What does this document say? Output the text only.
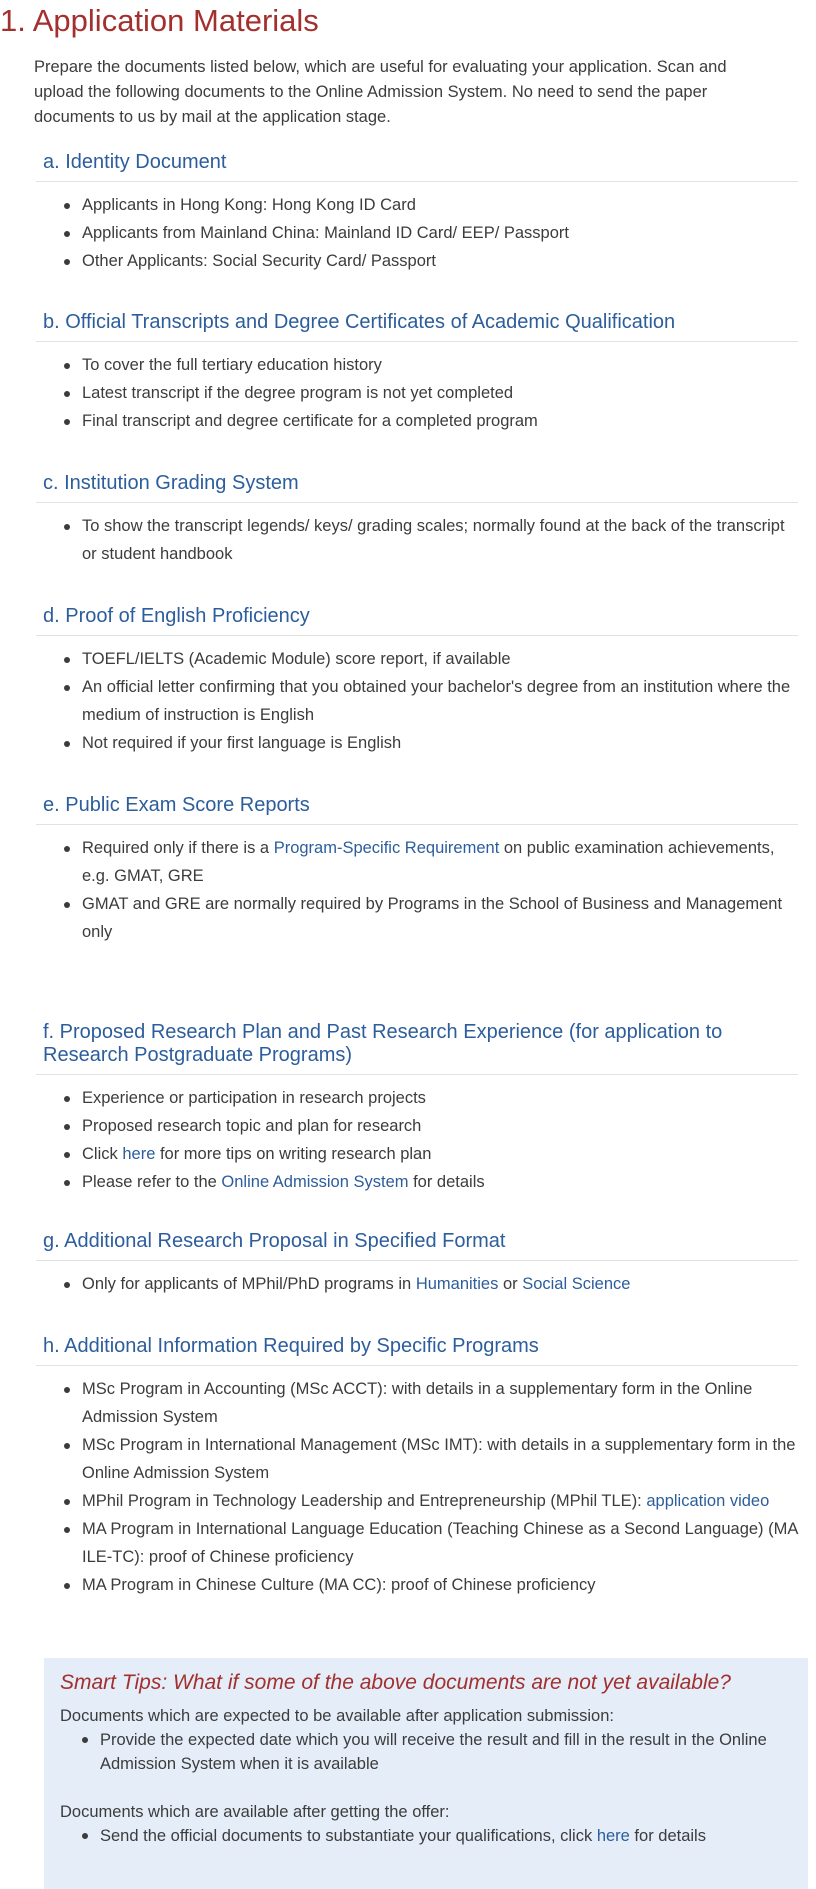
1. Application Materials

Prepare the documents listed below, which are useful for evaluating your application. Scan and upload the following documents to the Online Admission System. No need to send the paper documents to us by mail at the application stage.

a. Identity Document
Applicants in Hong Kong: Hong Kong ID Card
Applicants from Mainland China: Mainland ID Card/ EEP/ Passport
Other Applicants: Social Security Card/ Passport
b. Official Transcripts and Degree Certificates of Academic Qualification
To cover the full tertiary education history
Latest transcript if the degree program is not yet completed
Final transcript and degree certificate for a completed program
c. Institution Grading System
To show the transcript legends/ keys/ grading scales; normally found at the back of the transcript or student handbook
d. Proof of English Proficiency
TOEFL/IELTS (Academic Module) score report, if available
An official letter confirming that you obtained your bachelor's degree from an institution where the medium of instruction is English
Not required if your first language is English
e. Public Exam Score Reports
Required only if there is a Program-Specific Requirement on public examination achievements, e.g. GMAT, GRE
GMAT and GRE are normally required by Programs in the School of Business and Management only
f. Proposed Research Plan and Past Research Experience (for application to Research Postgraduate Programs)
Experience or participation in research projects
Proposed research topic and plan for research
Click here for more tips on writing research plan
Please refer to the Online Admission System for details
g. Additional Research Proposal in Specified Format
Only for applicants of MPhil/PhD programs in Humanities or Social Science
h. Additional Information Required by Specific Programs
MSc Program in Accounting (MSc ACCT): with details in a supplementary form in the Online Admission System
MSc Program in International Management (MSc IMT): with details in a supplementary form in the Online Admission System
MPhil Program in Technology Leadership and Entrepreneurship (MPhil TLE): application video
MA Program in International Language Education (Teaching Chinese as a Second Language) (MA ILE-TC): proof of Chinese proficiency
MA Program in Chinese Culture (MA CC): proof of Chinese proficiency
Smart Tips: What if some of the above documents are not yet available?

Documents which are expected to be available after application submission:

Provide the expected date which you will receive the result and fill in the result in the Online Admission System when it is available

Documents which are available after getting the offer:

Send the official documents to substantiate your qualifications, click here for details
